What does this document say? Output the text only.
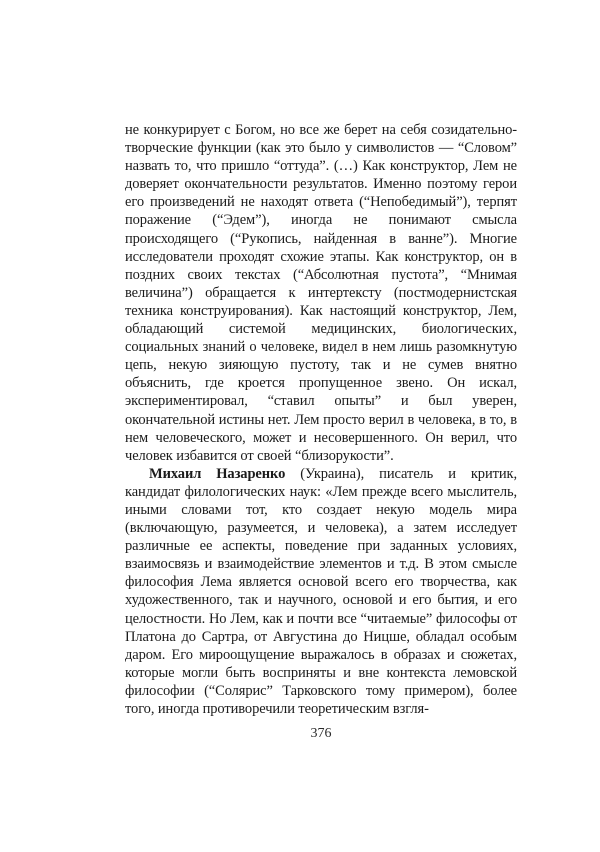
не конкурирует с Богом, но все же берет на себя созидательно-творческие функции (как это было у символистов — “Словом” назвать то, что пришло “оттуда”. (…) Как конструктор, Лем не доверяет окончательности результатов. Именно поэтому герои его произведений не находят ответа (“Непобедимый”), терпят поражение (“Эдем”), иногда не понимают смысла происходящего (“Рукопись, найденная в ванне”). Многие исследователи проходят схожие этапы. Как конструктор, он в поздних своих текстах (“Абсолютная пустота”, “Мнимая величина”) обращается к интертексту (постмодернистская техника конструирования). Как настоящий конструктор, Лем, обладающий системой медицинских, биологических, социальных знаний о человеке, видел в нем лишь разомкнутую цепь, некую зияющую пустоту, так и не сумев внятно объяснить, где кроется пропущенное звено. Он искал, экспериментировал, “ставил опыты” и был уверен, окончательной истины нет. Лем просто верил в человека, в то, в нем человеческого, может и несовершенного. Он верил, что человек избавится от своей “близорукости”.

Михаил Назаренко (Украина), писатель и критик, кандидат филологических наук: «Лем прежде всего мыслитель, иными словами тот, кто создает некую модель мира (включающую, разумеется, и человека), а затем исследует различные ее аспекты, поведение при заданных условиях, взаимосвязь и взаимодействие элементов и т.д. В этом смысле философия Лема является основой всего его творчества, как художественного, так и научного, основой и его бытия, и его целостности. Но Лем, как и почти все “читаемые” философы от Платона до Сартра, от Августина до Ницше, обладал особым даром. Его мироощущение выражалось в образах и сюжетах, которые могли быть восприняты и вне контекста лемовской философии (“Солярис” Тарковского тому примером), более того, иногда противоречили теоретическим взгля-

376
